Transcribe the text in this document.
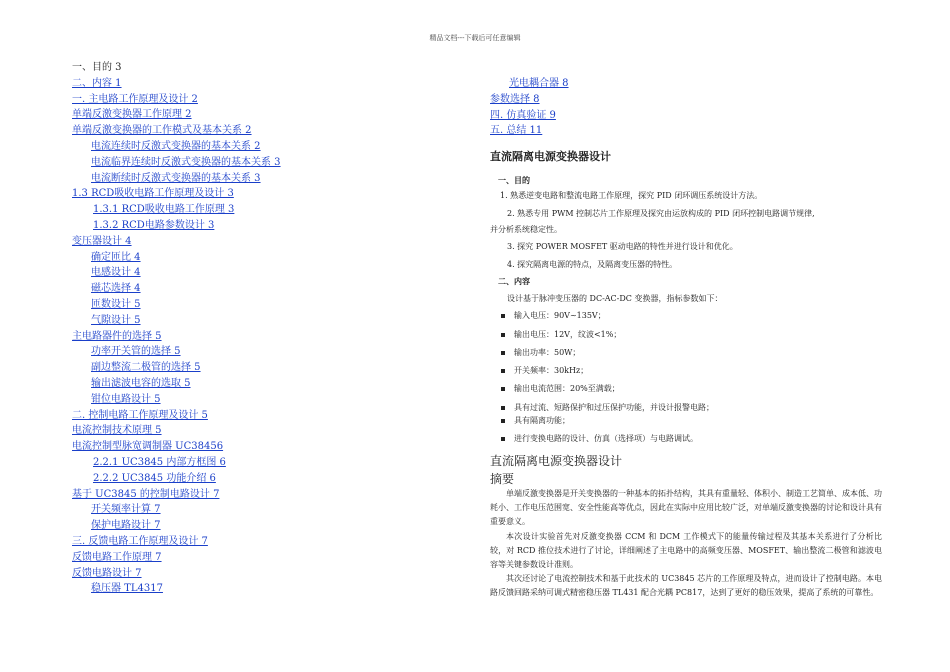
精品文档---下载后可任意编辑
一、目的 3
二、内容 1
一. 主电路工作原理及设计 2
单端反激变换器工作原理 2
单端反激变换器的工作模式及基本关系 2
电流连续时反激式变换器的基本关系 2
电流临界连续时反激式变换器的基本关系 3
电流断续时反激式变换器的基本关系 3
1.3 RCD吸收电路工作原理及设计 3
1.3.1 RCD吸收电路工作原理 3
1.3.2 RCD电路参数设计 3
变压器设计 4
确定匝比 4
电感设计 4
磁芯选择 4
匝数设计 5
气隙设计 5
主电路器件的选择 5
功率开关管的选择 5
副边整流二极管的选择 5
输出滤波电容的选取 5
钳位电路设计 5
二. 控制电路工作原理及设计 5
电流控制技术原理 5
电流控制型脉宽调制器 UC38456
2.2.1 UC3845 内部方框图 6
2.2.2 UC3845 功能介绍 6
基于 UC3845 的控制电路设计 7
开关频率计算 7
保护电路设计 7
三. 反馈电路工作原理及设计 7
反馈电路工作原理 7
反馈电路设计 7
稳压器 TL4317
光电耦合器 8
参数选择 8
四. 仿真验证 9
五. 总结 11
直流隔离电源变换器设计
一、目的
1. 熟悉逆变电路和整流电路工作原理，探究 PID 闭环调压系统设计方法。
2. 熟悉专用 PWM 控制芯片工作原理及探究由运放构成的 PID 闭环控制电路调节规律,
并分析系统稳定性。
3. 探究 POWER MOSFET 驱动电路的特性并进行设计和优化。
4. 探究隔离电源的特点，及隔离变压器的特性。
二、内容
设计基于脉冲变压器的 DC-AC-DC 变换器，指标参数如下：
输入电压：90V~135V；
输出电压：12V，纹波<1%；
输出功率：50W；
开关频率：30kHz；
输出电流范围：20%至满载；
具有过流、短路保护和过压保护功能，并设计报警电路；
具有隔离功能；
进行变换电路的设计、仿真（选择项）与电路调试。
直流隔离电源变换器设计
摘要

单端反激变换器是开关变换器的一种基本的拓扑结构，其具有重量轻、体积小、制造工艺简单、成本低、功耗小、工作电压范围宽、安全性能高等优点，因此在实际中应用比较广泛，对单端反激变换器的讨论和设计具有重要意义。

本次设计实验首先对反激变换器 CCM 和 DCM 工作模式下的能量传输过程及其基本关系进行了分析比较，对 RCD 推位技术进行了讨论，详细阐述了主电路中的高频变压器、MOSFET、输出整流二极管和滤波电容等关键参数设计准则。

其次还讨论了电流控制技术和基于此技术的 UC3845 芯片的工作原理及特点，进而设计了控制电路。本电路反馈回路采纳可调式精密稳压器 TL431 配合光耦 PC817，达到了更好的稳压效果，提高了系统的可靠性。
